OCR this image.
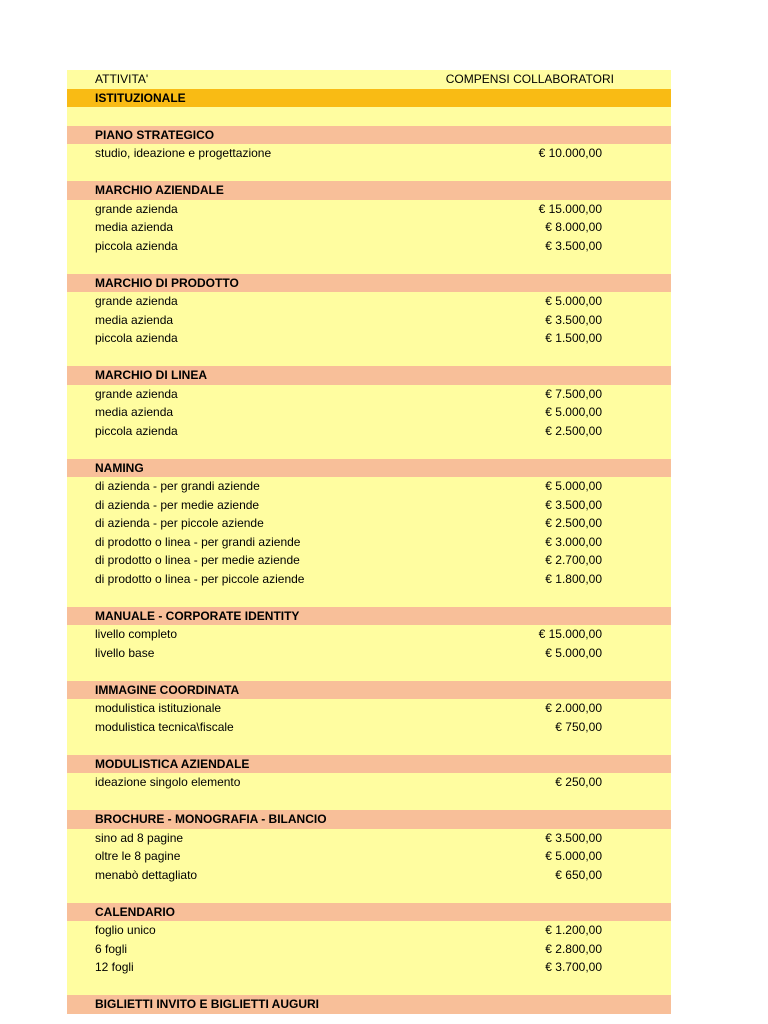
ATTIVITA'	COMPENSI COLLABORATORI
ISTITUZIONALE
PIANO STRATEGICO
studio, ideazione e progettazione	€ 10.000,00
MARCHIO AZIENDALE
grande azienda	€ 15.000,00
media azienda	€ 8.000,00
piccola azienda	€ 3.500,00
MARCHIO DI PRODOTTO
grande azienda	€ 5.000,00
media azienda	€ 3.500,00
piccola azienda	€ 1.500,00
MARCHIO DI LINEA
grande azienda	€ 7.500,00
media azienda	€ 5.000,00
piccola azienda	€ 2.500,00
NAMING
di azienda - per grandi aziende	€ 5.000,00
di azienda - per medie aziende	€ 3.500,00
di azienda - per piccole aziende	€ 2.500,00
di prodotto o linea - per grandi aziende	€ 3.000,00
di prodotto o linea - per medie aziende	€ 2.700,00
di prodotto o linea - per piccole aziende	€ 1.800,00
MANUALE - CORPORATE IDENTITY
livello completo	€ 15.000,00
livello base	€ 5.000,00
IMMAGINE COORDINATA
modulistica istituzionale	€ 2.000,00
modulistica tecnica\fiscale	€ 750,00
MODULISTICA AZIENDALE
ideazione singolo elemento	€ 250,00
BROCHURE - MONOGRAFIA - BILANCIO
sino ad 8 pagine	€ 3.500,00
oltre le 8 pagine	€ 5.000,00
menabò dettagliato	€ 650,00
CALENDARIO
foglio unico	€ 1.200,00
6 fogli	€ 2.800,00
12 fogli	€ 3.700,00
BIGLIETTI INVITO E BIGLIETTI AUGURI
